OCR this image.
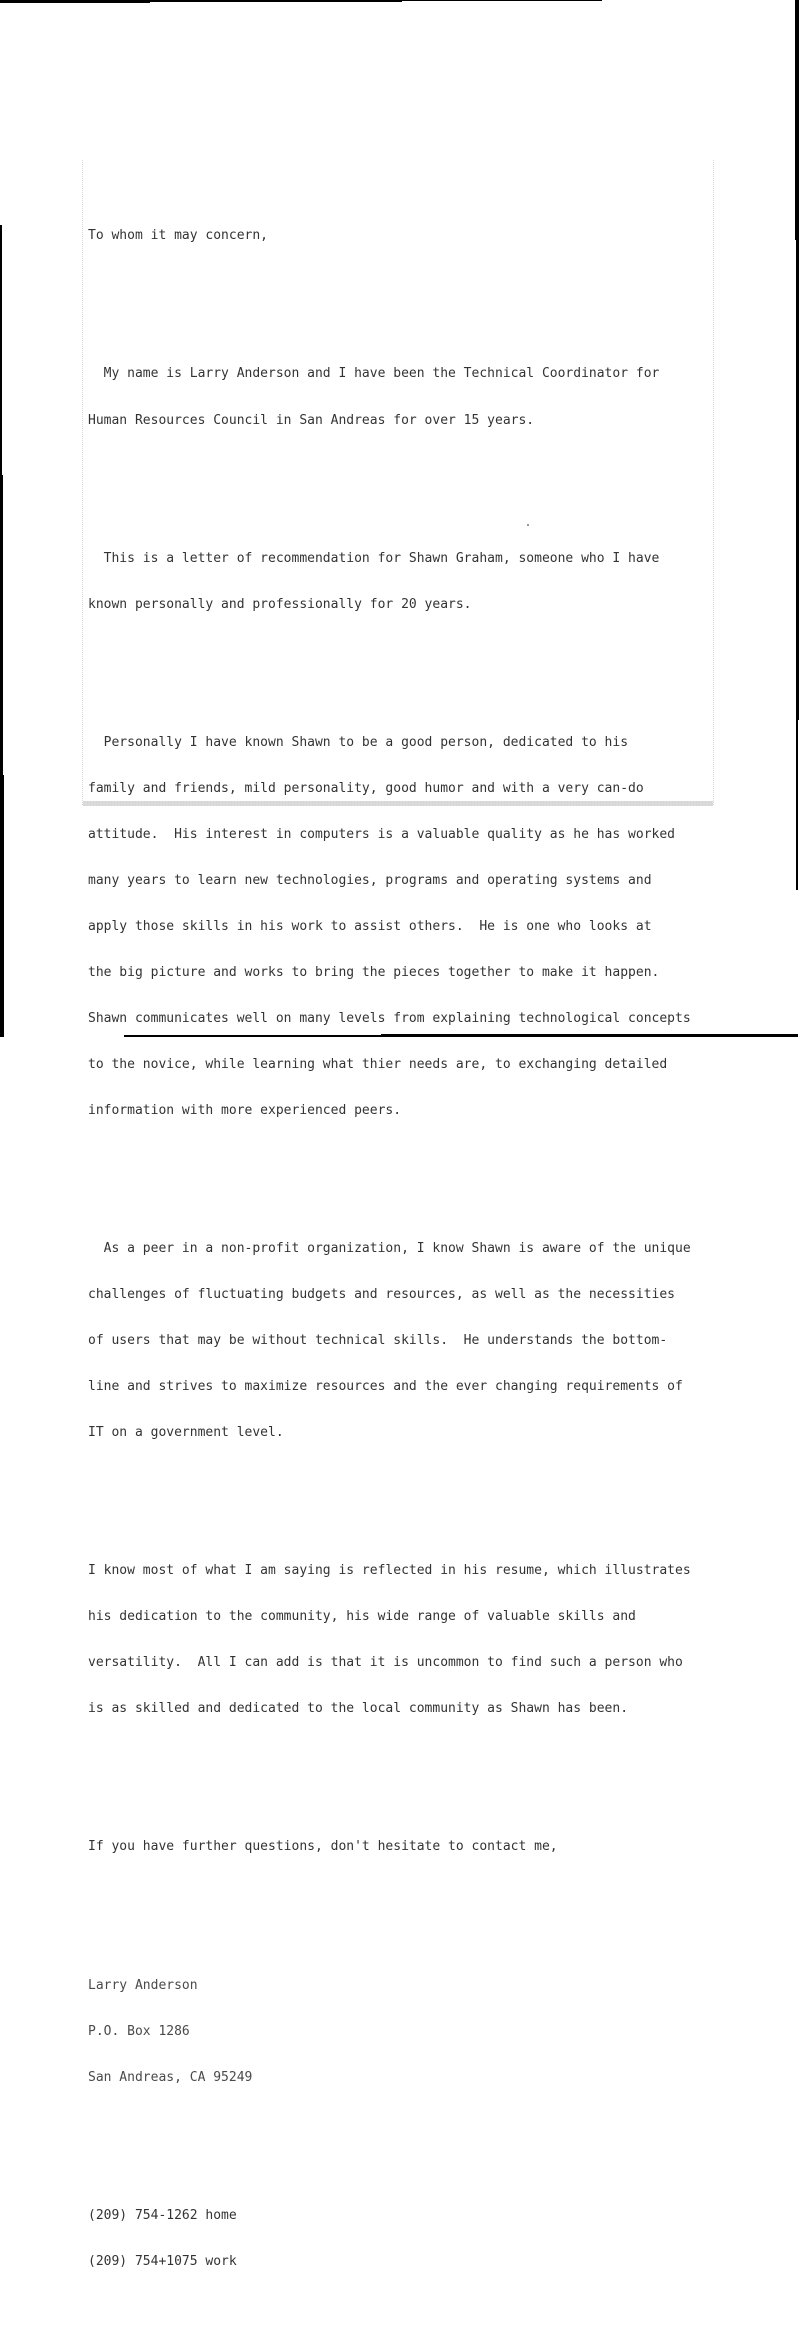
To whom it may concern,

My name is Larry Anderson and I have been the Technical Coordinator for

Human Resources Council in San Andreas for over 15 years.

This is a letter of recommendation for Shawn Graham, someone who I have

known personally and professionally for 20 years.

Personally I have known Shawn to be a good person, dedicated to his

family and friends, mild personality, good humor and with a very can-do

attitude.  His interest in computers is a valuable quality as he has worked

many years to learn new technologies, programs and operating systems and

apply those skills in his work to assist others.  He is one who looks at

the big picture and works to bring the pieces together to make it happen.

Shawn communicates well on many levels from explaining technological concepts

to the novice, while learning what thier needs are, to exchanging detailed

information with more experienced peers.

As a peer in a non-profit organization, I know Shawn is aware of the unique

challenges of fluctuating budgets and resources, as well as the necessities

of users that may be without technical skills.  He understands the bottom-

line and strives to maximize resources and the ever changing requirements of

IT on a government level.

I know most of what I am saying is reflected in his resume, which illustrates

his dedication to the community, his wide range of valuable skills and

versatility.  All I can add is that it is uncommon to find such a person who

is as skilled and dedicated to the local community as Shawn has been.

If you have further questions, don't hesitate to contact me,

Larry Anderson

P.O. Box 1286

San Andreas, CA 95249

(209) 754-1262 home

(209) 754+1075 work
